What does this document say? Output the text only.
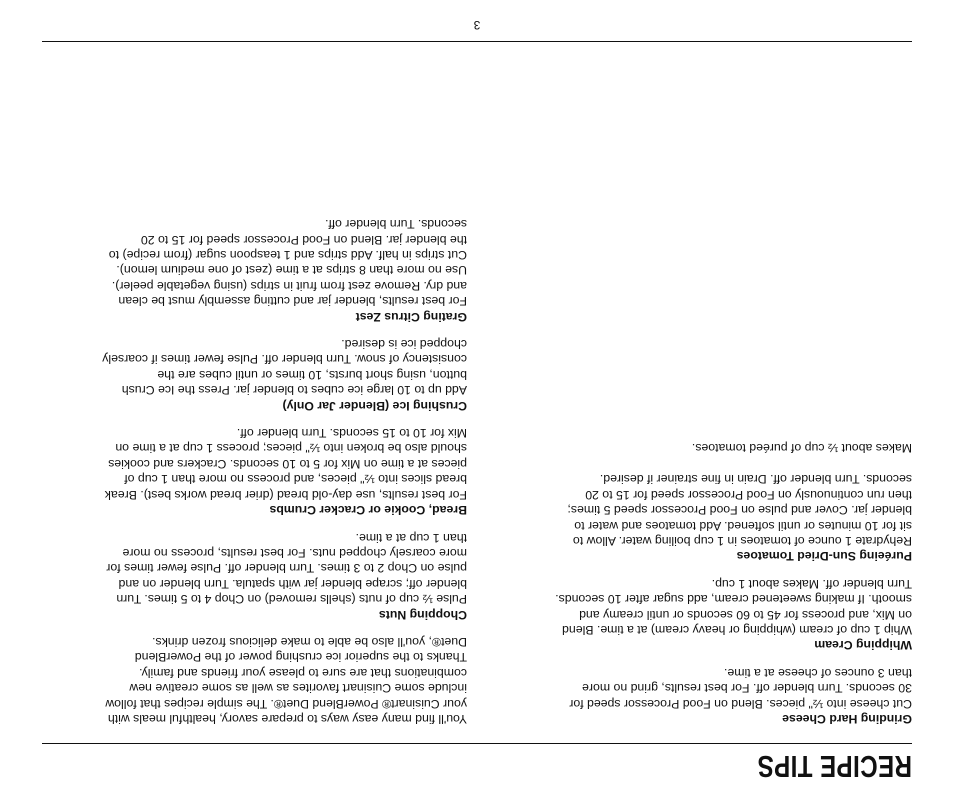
RECIPE TIPS

You'll find many easy ways to prepare savory, healthful meals with
your Cuisinart® PowerBlend Duet®. The simple recipes that follow
include some Cuisinart favorites as well as some creative new
combinations that are sure to please your friends and family.
Thanks to the superior ice crushing power of the PowerBlend
Duet®, you'll also be able to make delicious frozen drinks.

Chopping Nuts

Pulse ½ cup of nuts (shells removed) on Chop 4 to 5 times. Turn
blender off; scrape blender jar with spatula. Turn blender on and
pulse on Chop 2 to 3 times. Turn blender off. Pulse fewer times for
more coarsely chopped nuts. For best results, process no more
than 1 cup at a time.

Bread, Cookie or Cracker Crumbs

For best results, use day-old bread (drier bread works best). Break
bread slices into ½" pieces, and process no more than 1 cup of
pieces at a time on Mix for 5 to 10 seconds. Crackers and cookies
should also be broken into ½" pieces; process 1 cup at a time on
Mix for 10 to 15 seconds. Turn blender off.

Crushing Ice (Blender Jar Only)

Add up to 10 large ice cubes to blender jar. Press the Ice Crush
button, using short bursts, 10 times or until cubes are the
consistency of snow. Turn blender off. Pulse fewer times if coarsely
chopped ice is desired.

Grating Citrus Zest

For best results, blender jar and cutting assembly must be clean
and dry. Remove zest from fruit in strips (using vegetable peeler).
Use no more than 8 strips at a time (zest of one medium lemon).
Cut strips in half. Add strips and 1 teaspoon sugar (from recipe) to
the blender jar. Blend on Food Processor speed for 15 to 20
seconds. Turn blender off.

Grinding Hard Cheese

Cut cheese into ½" pieces. Blend on Food Processor speed for
30 seconds. Turn blender off. For best results, grind no more
than 3 ounces of cheese at a time.

Whipping Cream

Whip 1 cup of cream (whipping or heavy cream) at a time. Blend
on Mix, and process for 45 to 60 seconds or until creamy and
smooth. If making sweetened cream, add sugar after 10 seconds.
Turn blender off. Makes about 1 cup.

Puréeing Sun-Dried Tomatoes

Rehydrate 1 ounce of tomatoes in 1 cup boiling water. Allow to
sit for 10 minutes or until softened. Add tomatoes and water to
blender jar. Cover and pulse on Food Processor speed 5 times;
then run continuously on Food Processor speed for 15 to 20
seconds. Turn blender off. Drain in fine strainer if desired.

Makes about ½ cup of puréed tomatoes.

3
